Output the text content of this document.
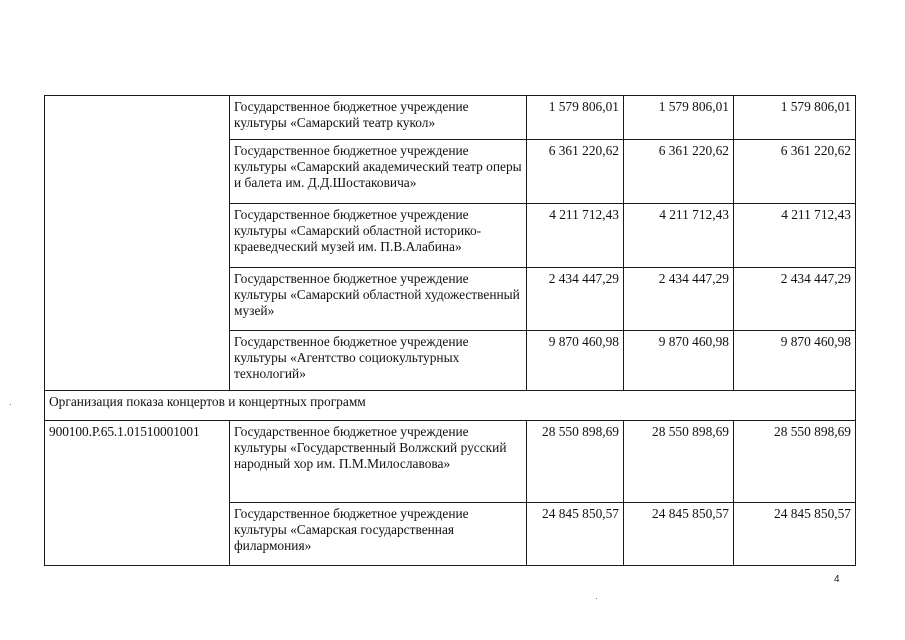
	Государственное бюджетное учреждение культуры «Самарский театр кукол»	1 579 806,01	1 579 806,01	1 579 806,01
	Государственное бюджетное учреждение культуры «Самарский академический театр оперы и балета им. Д.Д.Шостаковича»	6 361 220,62	6 361 220,62	6 361 220,62
	Государственное бюджетное учреждение культуры «Самарский областной историко-краеведческий музей им. П.В.Алабина»	4 211 712,43	4 211 712,43	4 211 712,43
	Государственное бюджетное учреждение культуры «Самарский областной художественный музей»	2 434 447,29	2 434 447,29	2 434 447,29
	Государственное бюджетное учреждение культуры «Агентство социокультурных технологий»	9 870 460,98	9 870 460,98	9 870 460,98
Организация показа концертов и концертных программ				
900100.Р.65.1.01510001001	Государственное бюджетное учреждение культуры «Государственный Волжский русский народный хор им. П.М.Милославова»	28 550 898,69	28 550 898,69	28 550 898,69
	Государственное бюджетное учреждение культуры «Самарская государственная филармония»	24 845 850,57	24 845 850,57	24 845 850,57
4
